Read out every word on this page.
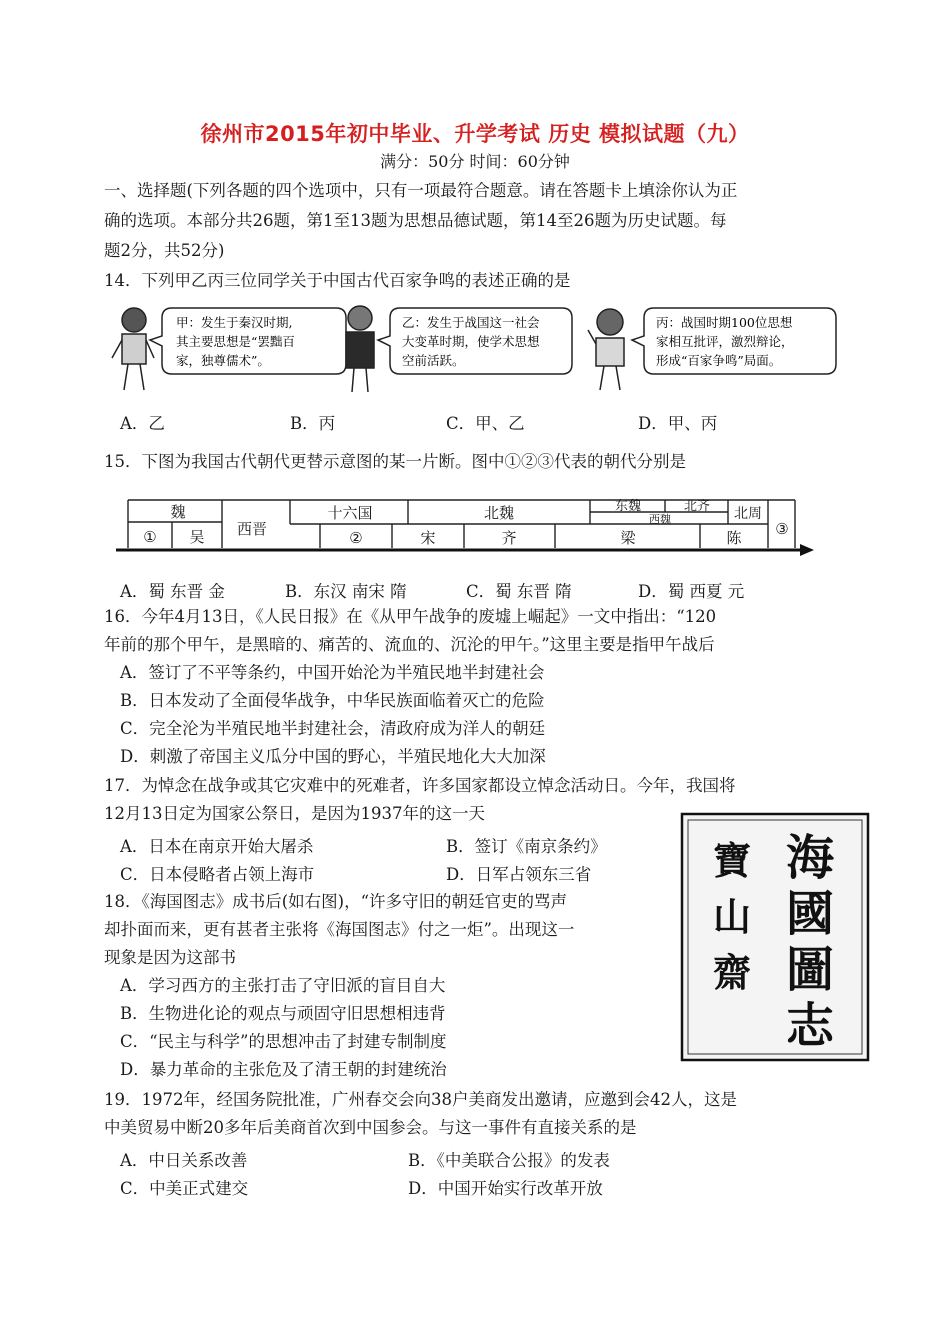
徐州市2015年初中毕业、升学考试 历史 模拟试题（九）
满分：50分 时间：60分钟
一、选择题(下列各题的四个选项中，只有一项最符合题意。请在答题卡上填涂你认为正
确的选项。本部分共26题，第1至13题为思想品德试题，第14至26题为历史试题。每
题2分，共52分)
14．下列甲乙丙三位同学关于中国古代百家争鸣的表述正确的是
甲：发生于秦汉时期,
其主要思想是“罢黜百
家，独尊儒术”。
乙：发生于战国这一社会
大变革时期，使学术思想
空前活跃。
丙：战国时期100位思想
家相互批评，激烈辩论，
形成“百家争鸣”局面。
A．乙	B．丙	C．甲、乙	D．甲、丙
15．下图为我国古代朝代更替示意图的某一片断。图中①②③代表的朝代分别是
魏
① 吴 西晋
十六国
②
北魏
宋	齐	梁	陈 ③
北周
东魏	北齐
西魏
A．蜀 东晋 金	B．东汉 南宋 隋	C．蜀 东晋 隋	D．蜀 西夏 元
16．今年4月13日，《人民日报》在《从甲午战争的废墟上崛起》一文中指出：“120
年前的那个甲午，是黑暗的、痛苦的、流血的、沉沦的甲午。”这里主要是指甲午战后
A．签订了不平等条约，中国开始沦为半殖民地半封建社会
B．日本发动了全面侵华战争，中华民族面临着灭亡的危险
C．完全沦为半殖民地半封建社会，清政府成为洋人的朝廷
D．刺激了帝国主义瓜分中国的野心，半殖民地化大大加深
17．为悼念在战争或其它灾难中的死难者，许多国家都设立悼念活动日。今年，我国将
12月13日定为国家公祭日，是因为1937年的这一天
A．日本在南京开始大屠杀	B．签订《南京条约》
C．日本侵略者占领上海市	D．日军占领东三省	海
國
圖
志
寶
山
齋
18．《海国图志》成书后(如右图)，“许多守旧的朝廷官吏的骂声
却扑面而来，更有甚者主张将《海国图志》付之一炬”。出现这一
现象是因为这部书
A．学习西方的主张打击了守旧派的盲目自大
B．生物进化论的观点与顽固守旧思想相违背
C．“民主与科学”的思想冲击了封建专制制度
D．暴力革命的主张危及了清王朝的封建统治
19．1972年，经国务院批准，广州春交会向38户美商发出邀请，应邀到会42人，这是
中美贸易中断20多年后美商首次到中国参会。与这一事件有直接关系的是
A．中日关系改善	B．《中美联合公报》的发表
C．中美正式建交	D．中国开始实行改革开放
